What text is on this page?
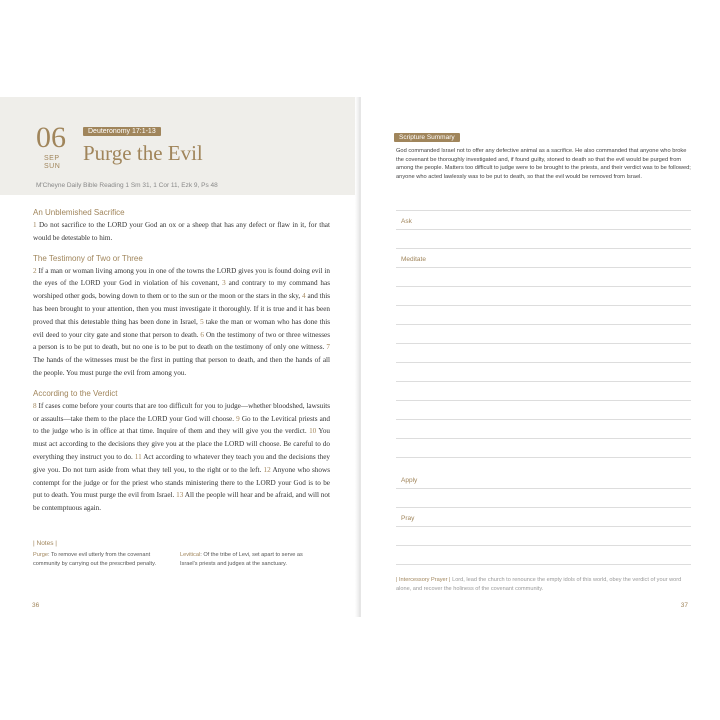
06
SEP
SUN
Deuteronomy 17:1-13
Purge the Evil
M'Cheyne Daily Bible Reading 1 Sm 31, 1 Cor 11, Ezk 9, Ps 48
An Unblemished Sacrifice

1 Do not sacrifice to the LORD your God an ox or a sheep that has any defect or flaw in it, for that would be detestable to him.

The Testimony of Two or Three

2 If a man or woman living among you in one of the towns the LORD gives you is found doing evil in the eyes of the LORD your God in violation of his covenant, 3 and contrary to my command has worshiped other gods, bowing down to them or to the sun or the moon or the stars in the sky, 4 and this has been brought to your attention, then you must investigate it thoroughly. If it is true and it has been proved that this detestable thing has been done in Israel, 5 take the man or woman who has done this evil deed to your city gate and stone that person to death. 6 On the testimony of two or three witnesses a person is to be put to death, but no one is to be put to death on the testimony of only one witness. 7 The hands of the witnesses must be the first in putting that person to death, and then the hands of all the people. You must purge the evil from among you.

According to the Verdict

8 If cases come before your courts that are too difficult for you to judge—whether bloodshed, lawsuits or assaults—take them to the place the LORD your God will choose. 9 Go to the Levitical priests and to the judge who is in office at that time. Inquire of them and they will give you the verdict. 10 You must act according to the decisions they give you at the place the LORD will choose. Be careful to do everything they instruct you to do. 11 Act according to whatever they teach you and the decisions they give you. Do not turn aside from what they tell you, to the right or to the left. 12 Anyone who shows contempt for the judge or for the priest who stands ministering there to the LORD your God is to be put to death. You must purge the evil from Israel. 13 All the people will hear and be afraid, and will not be contemptuous again.

| Notes |
Purge: To remove evil utterly from the covenant community by carrying out the prescribed penalty.
Levitical: Of the tribe of Levi, set apart to serve as Israel's priests and judges at the sanctuary.
36
Scripture Summary
God commanded Israel not to offer any defective animal as a sacrifice. He also commanded that anyone who broke the covenant be thoroughly investigated and, if found guilty, stoned to death so that the evil would be purged from among the people. Matters too difficult to judge were to be brought to the priests, and their verdict was to be followed; anyone who acted lawlessly was to be put to death, so that the evil would be removed from Israel.
Ask
Meditate
Apply
Pray
| Intercessory Prayer | Lord, lead the church to renounce the empty idols of this world, obey the verdict of your word alone, and recover the holiness of the covenant community.
37
